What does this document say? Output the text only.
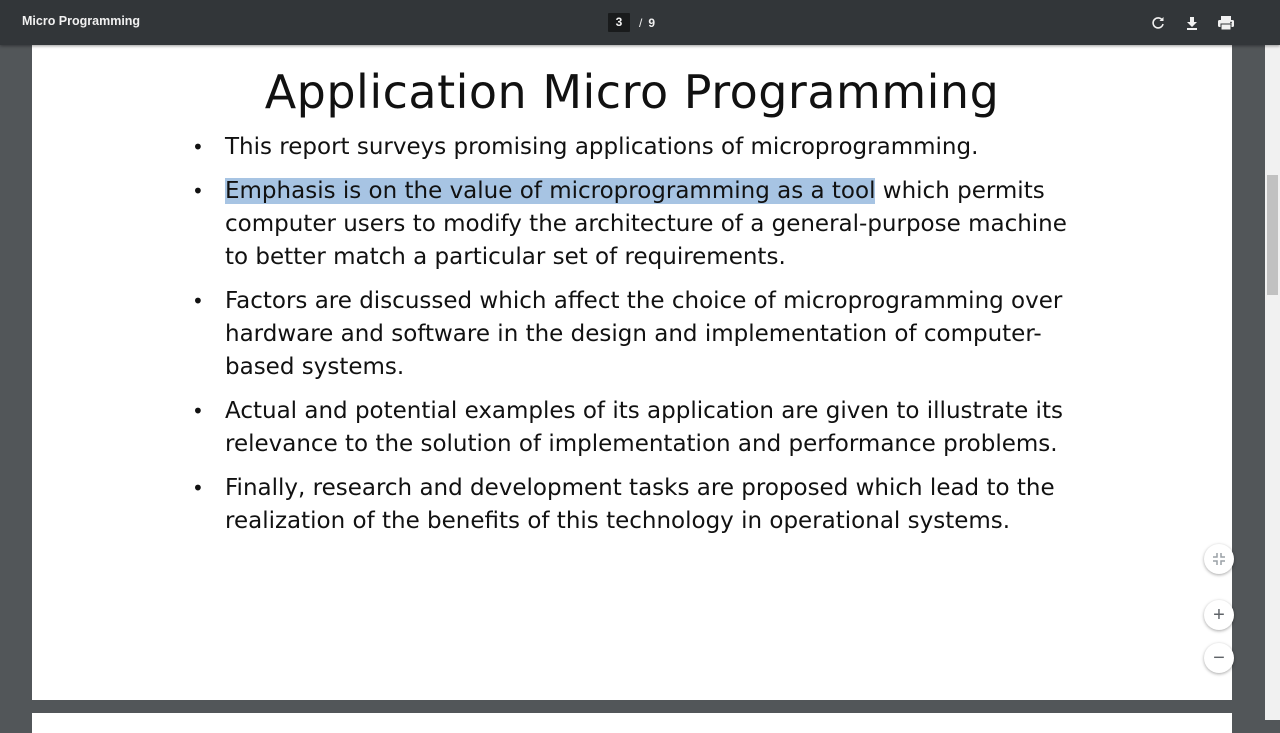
Micro Programming	3	/ 9
Application Micro Programming
• This report surveys promising applications of microprogramming.
• Emphasis is on the value of microprogramming as a tool which permits computer users to modify the architecture of a general-purpose machine to better match a particular set of requirements.
• Factors are discussed which affect the choice of microprogramming over hardware and software in the design and implementation of computer-based systems.
• Actual and potential examples of its application are given to illustrate its relevance to the solution of implementation and performance problems.
• Finally, research and development tasks are proposed which lead to the realization of the benefits of this technology in operational systems.
+
−
